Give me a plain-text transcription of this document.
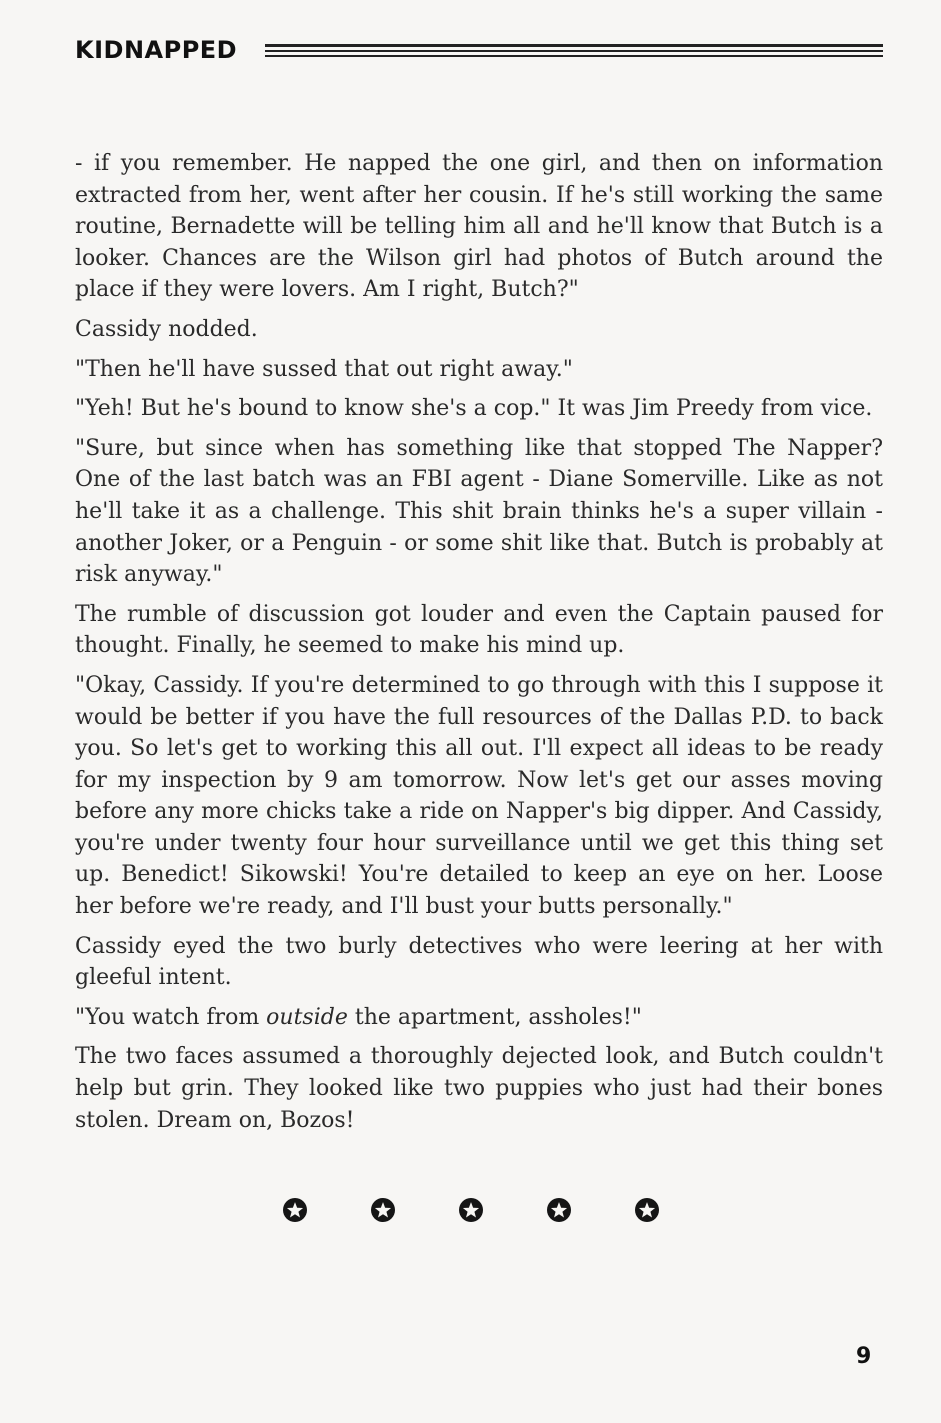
KIDNAPPED

- if you remember. He napped the one girl, and then on information extracted from her, went after her cousin. If he's still working the same routine, Bernadette will be telling him all and he'll know that Butch is a looker. Chances are the Wilson girl had photos of Butch around the place if they were lovers. Am I right, Butch?"

Cassidy nodded.

"Then he'll have sussed that out right away."

"Yeh! But he's bound to know she's a cop." It was Jim Preedy from vice.

"Sure, but since when has something like that stopped The Napper? One of the last batch was an FBI agent - Diane Somerville. Like as not he'll take it as a challenge. This shit brain thinks he's a super villain - another Joker, or a Penguin - or some shit like that. Butch is probably at risk anyway."

The rumble of discussion got louder and even the Captain paused for thought. Finally, he seemed to make his mind up.

"Okay, Cassidy. If you're determined to go through with this I suppose it would be better if you have the full resources of the Dallas P.D. to back you. So let's get to working this all out. I'll expect all ideas to be ready for my inspection by 9 am tomorrow. Now let's get our asses moving before any more chicks take a ride on Napper's big dipper. And Cassidy, you're under twenty four hour surveillance until we get this thing set up. Benedict! Sikowski! You're detailed to keep an eye on her. Loose her before we're ready, and I'll bust your butts personally."

Cassidy eyed the two burly detectives who were leering at her with gleeful intent.

"You watch from outside the apartment, assholes!"

The two faces assumed a thoroughly dejected look, and Butch couldn't help but grin. They looked like two puppies who just had their bones stolen. Dream on, Bozos!

9
